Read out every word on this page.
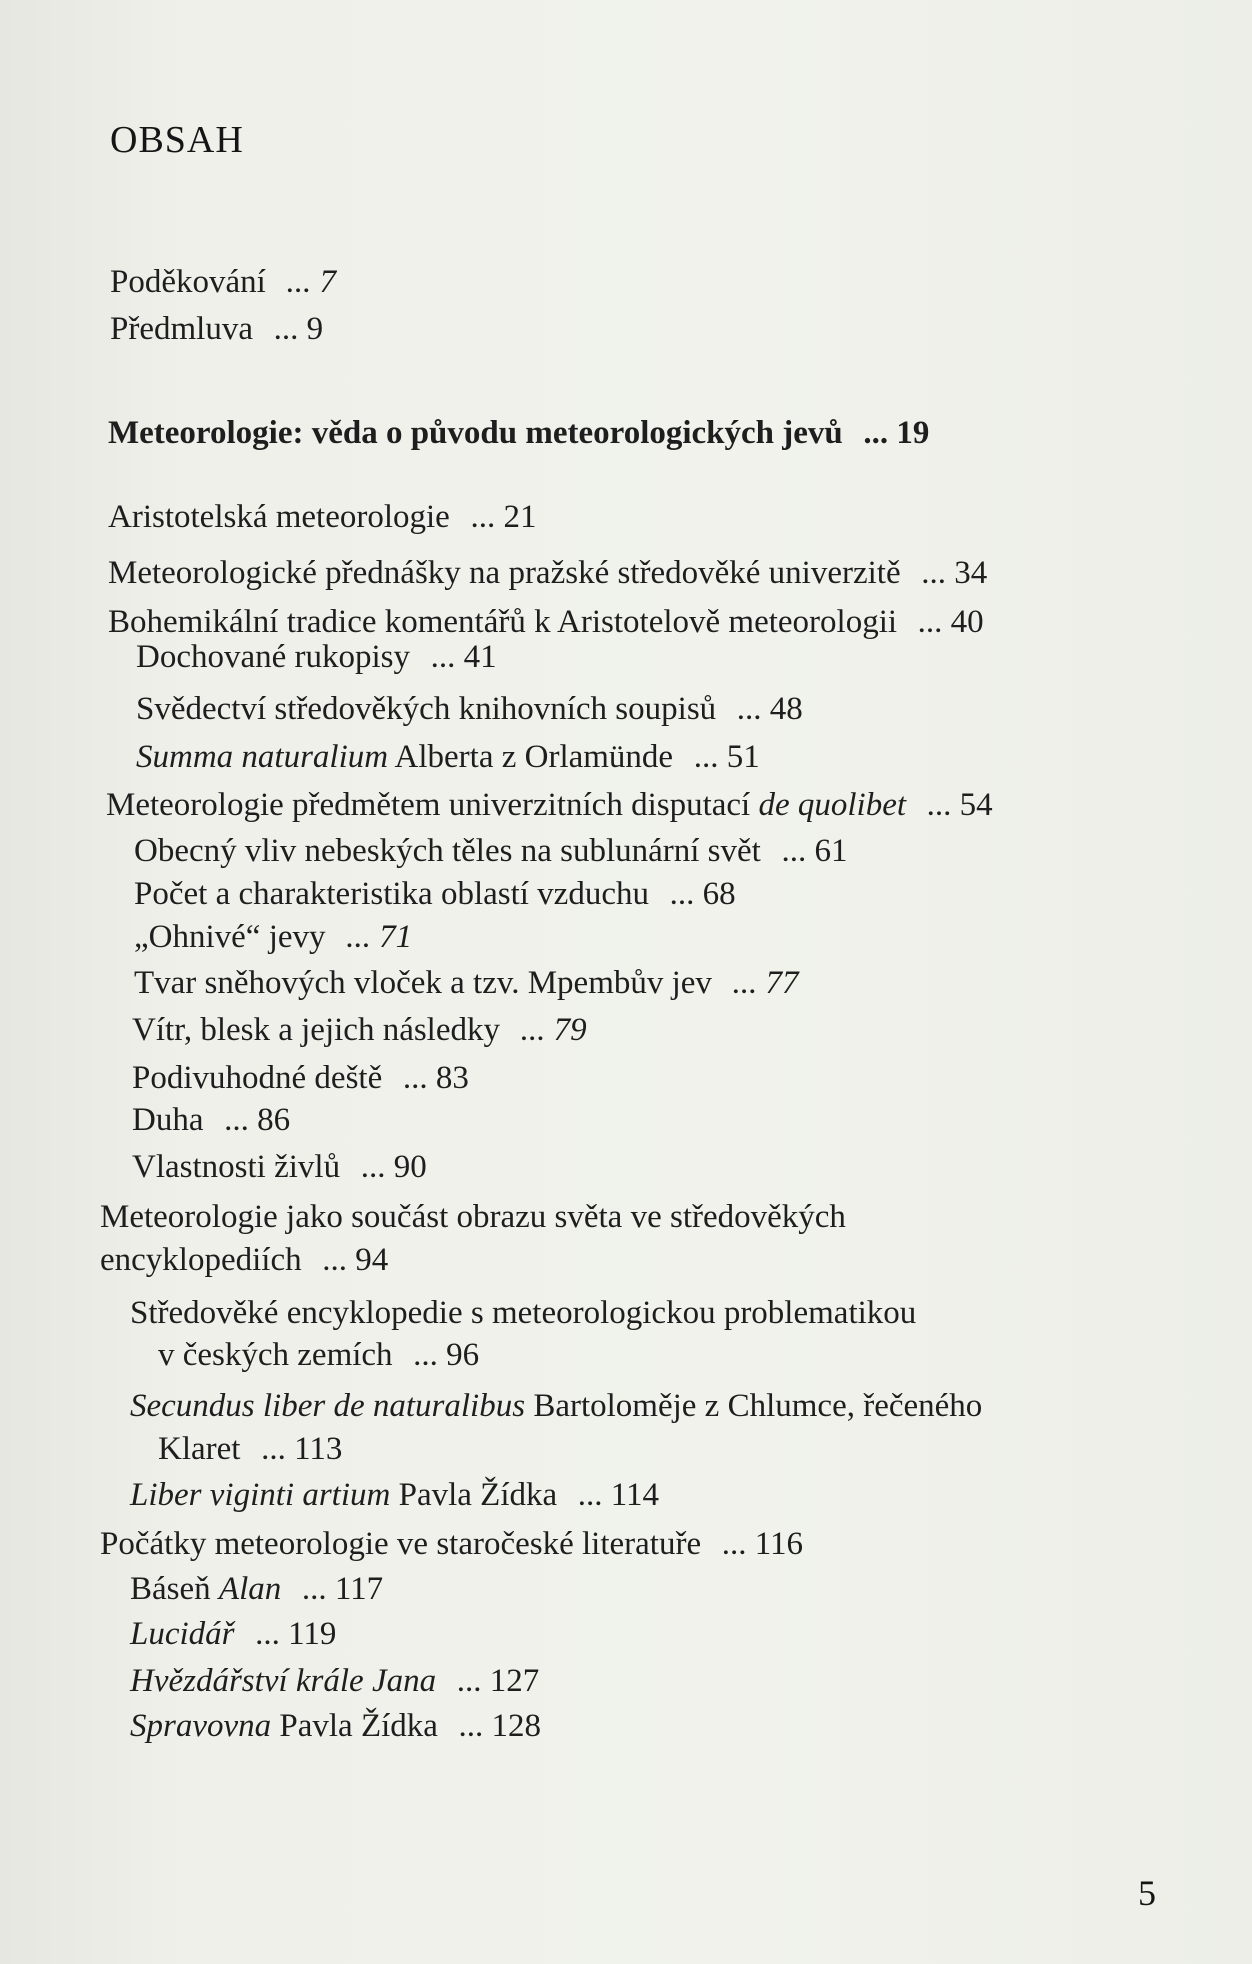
OBSAH
Poděkování ... 7
Předmluva ... 9
Meteorologie: věda o původu meteorologických jevů ... 19
Aristotelská meteorologie ... 21
Meteorologické přednášky na pražské středověké univerzitě ... 34
Bohemikální tradice komentářů k Aristotelově meteorologii ... 40
Dochované rukopisy ... 41
Svědectví středověkých knihovních soupisů ... 48
Summa naturalium Alberta z Orlamünde ... 51
Meteorologie předmětem univerzitních disputací de quolibet ... 54
Obecný vliv nebeských těles na sublunární svět ... 61
Počet a charakteristika oblastí vzduchu ... 68
„Ohnivé“ jevy ... 71
Tvar sněhových vloček a tzv. Mpembův jev ... 77
Vítr, blesk a jejich následky ... 79
Podivuhodné deště ... 83
Duha ... 86
Vlastnosti živlů ... 90
Meteorologie jako součást obrazu světa ve středověkých
encyklopediích ... 94
Středověké encyklopedie s meteorologickou problematikou
v českých zemích ... 96
Secundus liber de naturalibus Bartoloměje z Chlumce, řečeného
Klaret ... 113
Liber viginti artium Pavla Žídka ... 114
Počátky meteorologie ve staročeské literatuře ... 116
Báseň Alan ... 117
Lucidář ... 119
Hvězdářství krále Jana ... 127
Spravovna Pavla Žídka ... 128
5
